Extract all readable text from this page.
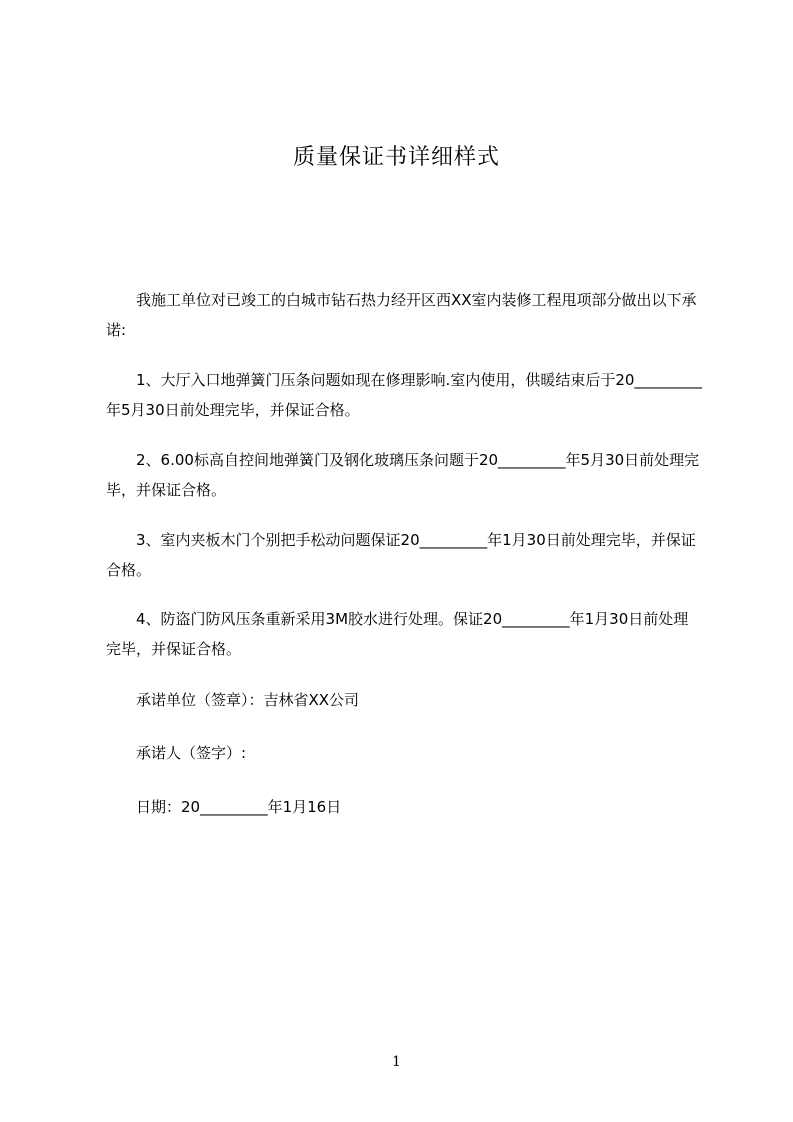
质量保证书详细样式

我施工单位对已竣工的白城市钻石热力经开区西XX室内装修工程甩项部分做出以下承诺:

1、大厅入口地弹簧门压条问题如现在修理影响.室内使用，供暖结束后于20_________年5月30日前处理完毕，并保证合格。

2、6.00标高自控间地弹簧门及钢化玻璃压条问题于20_________年5月30日前处理完毕，并保证合格。

3、室内夹板木门个别把手松动问题保证20_________年1月30日前处理完毕，并保证合格。

4、防盗门防风压条重新采用3M胶水进行处理。保证20_________年1月30日前处理完毕，并保证合格。

承诺单位（签章）：吉林省XX公司

承诺人（签字）:

日期：20_________年1月16日

1
